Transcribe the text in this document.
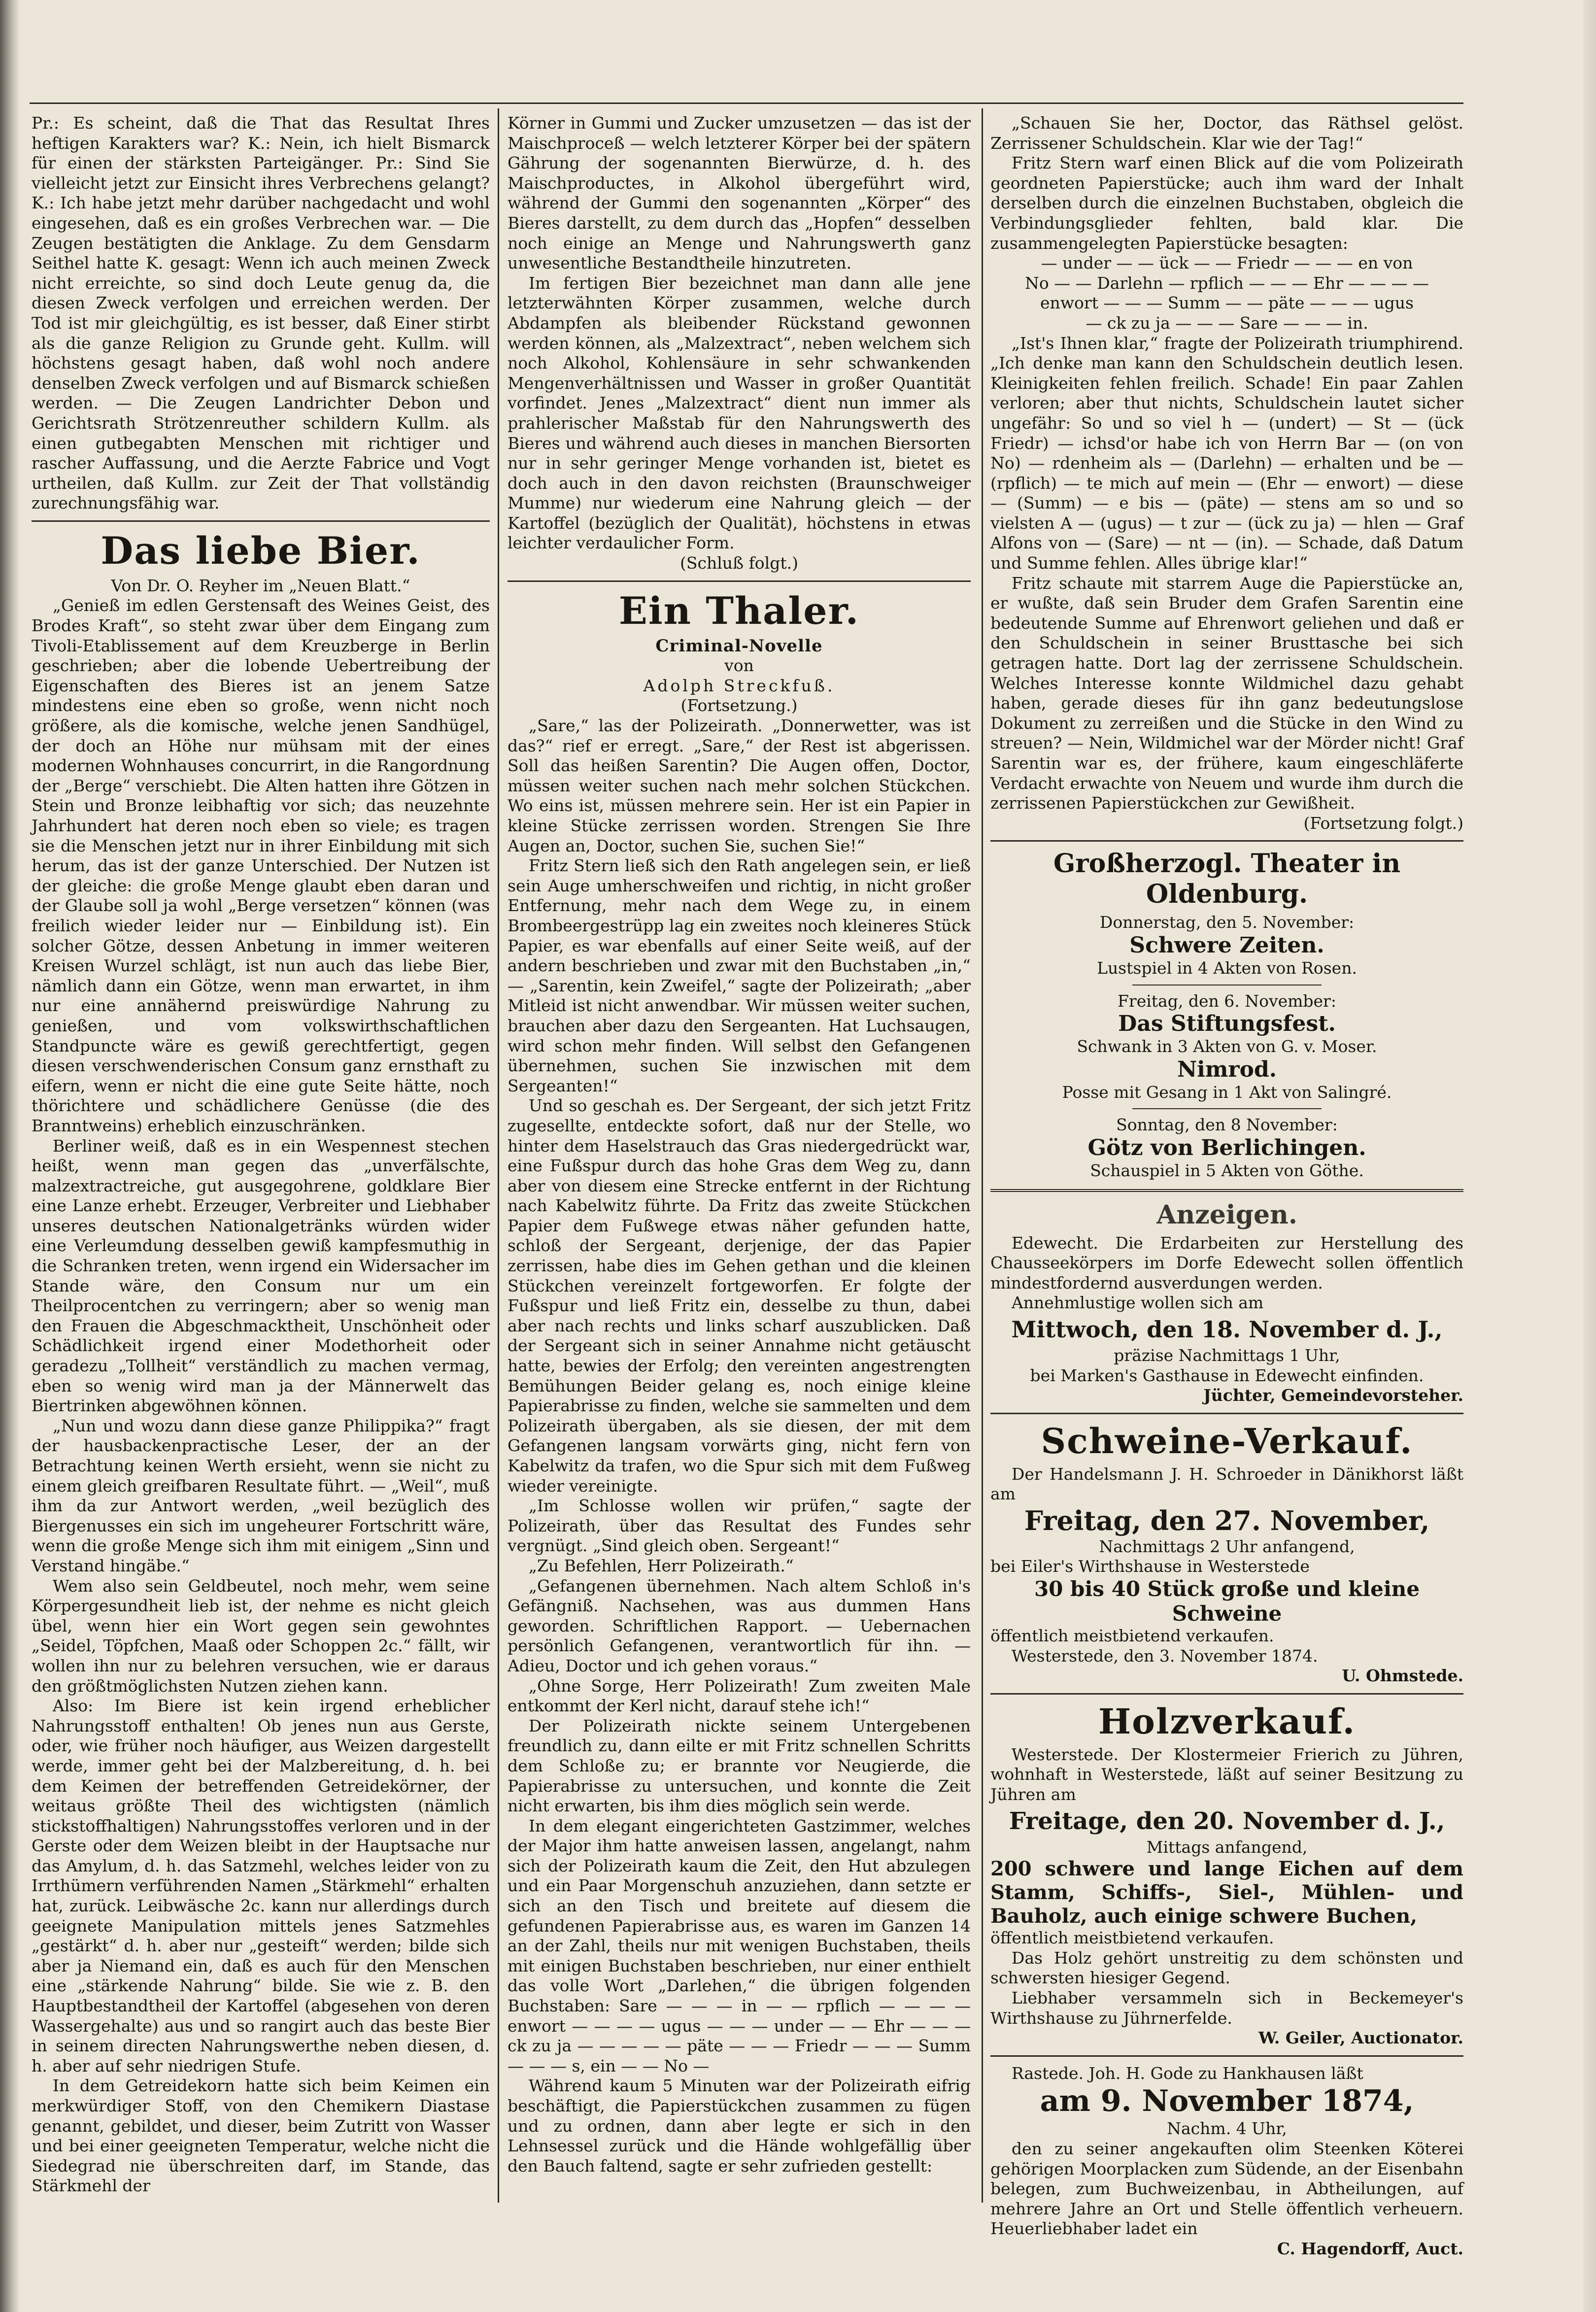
Pr.: Es scheint, daß die That das Resultat Ihres heftigen Karakters war? K.: Nein, ich hielt Bismarck für einen der stärksten Parteigänger. Pr.: Sind Sie vielleicht jetzt zur Einsicht ihres Verbrechens gelangt? K.: Ich habe jetzt mehr darüber nachgedacht und wohl eingesehen, daß es ein großes Verbrechen war. — Die Zeugen bestätigten die Anklage. Zu dem Gensdarm Seithel hatte K. gesagt: Wenn ich auch meinen Zweck nicht erreichte, so sind doch Leute genug da, die diesen Zweck verfolgen und erreichen werden. Der Tod ist mir gleichgültig, es ist besser, daß Einer stirbt als die ganze Religion zu Grunde geht. Kullm. will höchstens gesagt haben, daß wohl noch andere denselben Zweck verfolgen und auf Bismarck schießen werden. — Die Zeugen Landrichter Debon und Gerichtsrath Strötzenreuther schildern Kullm. als einen gutbegabten Menschen mit richtiger und rascher Auffassung, und die Aerzte Fabrice und Vogt urtheilen, daß Kullm. zur Zeit der That vollständig zurechnungsfähig war.

Das liebe Bier.

Von Dr. O. Reyher im „Neuen Blatt.“

„Genieß im edlen Gerstensaft des Weines Geist, des Brodes Kraft“, so steht zwar über dem Eingang zum Tivoli-Etablissement auf dem Kreuzberge in Berlin geschrieben; aber die lobende Uebertreibung der Eigenschaften des Bieres ist an jenem Satze mindestens eine eben so große, wenn nicht noch größere, als die komische, welche jenen Sandhügel, der doch an Höhe nur mühsam mit der eines modernen Wohnhauses concurrirt, in die Rangordnung der „Berge“ verschiebt. Die Alten hatten ihre Götzen in Stein und Bronze leibhaftig vor sich; das neuzehnte Jahrhundert hat deren noch eben so viele; es tragen sie die Menschen jetzt nur in ihrer Einbildung mit sich herum, das ist der ganze Unterschied. Der Nutzen ist der gleiche: die große Menge glaubt eben daran und der Glaube soll ja wohl „Berge versetzen“ können (was freilich wieder leider nur — Einbildung ist). Ein solcher Götze, dessen Anbetung in immer weiteren Kreisen Wurzel schlägt, ist nun auch das liebe Bier, nämlich dann ein Götze, wenn man erwartet, in ihm nur eine annähernd preiswürdige Nahrung zu genießen, und vom volkswirthschaftlichen Standpuncte wäre es gewiß gerechtfertigt, gegen diesen verschwenderischen Consum ganz ernsthaft zu eifern, wenn er nicht die eine gute Seite hätte, noch thörichtere und schädlichere Genüsse (die des Branntweins) erheblich einzuschränken.

Berliner weiß, daß es in ein Wespennest stechen heißt, wenn man gegen das „unverfälschte, malzextractreiche, gut ausgegohrene, goldklare Bier eine Lanze erhebt. Erzeuger, Verbreiter und Liebhaber unseres deutschen Nationalgetränks würden wider eine Verleumdung desselben gewiß kampfesmuthig in die Schranken treten, wenn irgend ein Widersacher im Stande wäre, den Consum nur um ein Theilprocentchen zu verringern; aber so wenig man den Frauen die Abgeschmacktheit, Unschönheit oder Schädlichkeit irgend einer Modethorheit oder geradezu „Tollheit“ verständlich zu machen vermag, eben so wenig wird man ja der Männerwelt das Biertrinken abgewöhnen können.

„Nun und wozu dann diese ganze Philippika?“ fragt der hausbackenpractische Leser, der an der Betrachtung keinen Werth ersieht, wenn sie nicht zu einem gleich greifbaren Resultate führt. — „Weil“, muß ihm da zur Antwort werden, „weil bezüglich des Biergenusses ein sich im ungeheurer Fortschritt wäre, wenn die große Menge sich ihm mit einigem „Sinn und Verstand hingäbe.“

Wem also sein Geldbeutel, noch mehr, wem seine Körpergesundheit lieb ist, der nehme es nicht gleich übel, wenn hier ein Wort gegen sein gewohntes „Seidel, Töpfchen, Maaß oder Schoppen 2c.“ fällt, wir wollen ihn nur zu belehren versuchen, wie er daraus den größtmöglichsten Nutzen ziehen kann.

Also: Im Biere ist kein irgend erheblicher Nahrungsstoff enthalten! Ob jenes nun aus Gerste, oder, wie früher noch häufiger, aus Weizen dargestellt werde, immer geht bei der Malzbereitung, d. h. bei dem Keimen der betreffenden Getreidekörner, der weitaus größte Theil des wichtigsten (nämlich stickstoffhaltigen) Nahrungsstoffes verloren und in der Gerste oder dem Weizen bleibt in der Hauptsache nur das Amylum, d. h. das Satzmehl, welches leider von zu Irrthümern verführenden Namen „Stärkmehl“ erhalten hat, zurück. Leibwäsche 2c. kann nur allerdings durch geeignete Manipulation mittels jenes Satzmehles „gestärkt“ d. h. aber nur „gesteift“ werden; bilde sich aber ja Niemand ein, daß es auch für den Menschen eine „stärkende Nahrung“ bilde. Sie wie z. B. den Hauptbestandtheil der Kartoffel (abgesehen von deren Wassergehalte) aus und so rangirt auch das beste Bier in seinem directen Nahrungswerthe neben diesen, d. h. aber auf sehr niedrigen Stufe.

In dem Getreidekorn hatte sich beim Keimen ein merkwürdiger Stoff, von den Chemikern Diastase genannt, gebildet, und dieser, beim Zutritt von Wasser und bei einer geeigneten Temperatur, welche nicht die Siedegrad nie überschreiten darf, im Stande, das Stärkmehl der

Körner in Gummi und Zucker umzusetzen — das ist der Maischproceß — welch letzterer Körper bei der spätern Gährung der sogenannten Bierwürze, d. h. des Maischproductes, in Alkohol übergeführt wird, während der Gummi den sogenannten „Körper“ des Bieres darstellt, zu dem durch das „Hopfen“ desselben noch einige an Menge und Nahrungswerth ganz unwesentliche Bestandtheile hinzutreten.

Im fertigen Bier bezeichnet man dann alle jene letzterwähnten Körper zusammen, welche durch Abdampfen als bleibender Rückstand gewonnen werden können, als „Malzextract“, neben welchem sich noch Alkohol, Kohlensäure in sehr schwankenden Mengenverhältnissen und Wasser in großer Quantität vorfindet. Jenes „Malzextract“ dient nun immer als prahlerischer Maßstab für den Nahrungswerth des Bieres und während auch dieses in manchen Biersorten nur in sehr geringer Menge vorhanden ist, bietet es doch auch in den davon reichsten (Braunschweiger Mumme) nur wiederum eine Nahrung gleich — der Kartoffel (bezüglich der Qualität), höchstens in etwas leichter verdaulicher Form.

(Schluß folgt.)

Ein Thaler.

Criminal-Novelle

von

Adolph Streckfuß.

(Fortsetzung.)

„Sare,“ las der Polizeirath. „Donnerwetter, was ist das?“ rief er erregt. „Sare,“ der Rest ist abgerissen. Soll das heißen Sarentin? Die Augen offen, Doctor, müssen weiter suchen nach mehr solchen Stückchen. Wo eins ist, müssen mehrere sein. Her ist ein Papier in kleine Stücke zerrissen worden. Strengen Sie Ihre Augen an, Doctor, suchen Sie, suchen Sie!“

Fritz Stern ließ sich den Rath angelegen sein, er ließ sein Auge umherschweifen und richtig, in nicht großer Entfernung, mehr nach dem Wege zu, in einem Brombeergestrüpp lag ein zweites noch kleineres Stück Papier, es war ebenfalls auf einer Seite weiß, auf der andern beschrieben und zwar mit den Buchstaben „in,“ — „Sarentin, kein Zweifel,“ sagte der Polizeirath; „aber Mitleid ist nicht anwendbar. Wir müssen weiter suchen, brauchen aber dazu den Sergeanten. Hat Luchsaugen, wird schon mehr finden. Will selbst den Gefangenen übernehmen, suchen Sie inzwischen mit dem Sergeanten!“

Und so geschah es. Der Sergeant, der sich jetzt Fritz zugesellte, entdeckte sofort, daß nur der Stelle, wo hinter dem Haselstrauch das Gras niedergedrückt war, eine Fußspur durch das hohe Gras dem Weg zu, dann aber von diesem eine Strecke entfernt in der Richtung nach Kabelwitz führte. Da Fritz das zweite Stückchen Papier dem Fußwege etwas näher gefunden hatte, schloß der Sergeant, derjenige, der das Papier zerrissen, habe dies im Gehen gethan und die kleinen Stückchen vereinzelt fortgeworfen. Er folgte der Fußspur und ließ Fritz ein, desselbe zu thun, dabei aber nach rechts und links scharf auszublicken. Daß der Sergeant sich in seiner Annahme nicht getäuscht hatte, bewies der Erfolg; den vereinten angestrengten Bemühungen Beider gelang es, noch einige kleine Papierabrisse zu finden, welche sie sammelten und dem Polizeirath übergaben, als sie diesen, der mit dem Gefangenen langsam vorwärts ging, nicht fern von Kabelwitz da trafen, wo die Spur sich mit dem Fußweg wieder vereinigte.

„Im Schlosse wollen wir prüfen,“ sagte der Polizeirath, über das Resultat des Fundes sehr vergnügt. „Sind gleich oben. Sergeant!“

„Zu Befehlen, Herr Polizeirath.“

„Gefangenen übernehmen. Nach altem Schloß in's Gefängniß. Nachsehen, was aus dummen Hans geworden. Schriftlichen Rapport. — Uebernachen persönlich Gefangenen, verantwortlich für ihn. — Adieu, Doctor und ich gehen voraus.“

„Ohne Sorge, Herr Polizeirath! Zum zweiten Male entkommt der Kerl nicht, darauf stehe ich!“

Der Polizeirath nickte seinem Untergebenen freundlich zu, dann eilte er mit Fritz schnellen Schritts dem Schloße zu; er brannte vor Neugierde, die Papierabrisse zu untersuchen, und konnte die Zeit nicht erwarten, bis ihm dies möglich sein werde.

In dem elegant eingerichteten Gastzimmer, welches der Major ihm hatte anweisen lassen, angelangt, nahm sich der Polizeirath kaum die Zeit, den Hut abzulegen und ein Paar Morgenschuh anzuziehen, dann setzte er sich an den Tisch und breitete auf diesem die gefundenen Papierabrisse aus, es waren im Ganzen 14 an der Zahl, theils nur mit wenigen Buchstaben, theils mit einigen Buchstaben beschrieben, nur einer enthielt das volle Wort „Darlehen,“ die übrigen folgenden Buchstaben: Sare — — — in — — rpflich — — — — enwort — — — — ugus — — — under — — Ehr — — — ck zu ja — — — — — päte — — — Friedr — — — Summ — — — s, ein — — No —

Während kaum 5 Minuten war der Polizeirath eifrig beschäftigt, die Papierstückchen zusammen zu fügen und zu ordnen, dann aber legte er sich in den Lehnsessel zurück und die Hände wohlgefällig über den Bauch faltend, sagte er sehr zufrieden gestellt:

„Schauen Sie her, Doctor, das Räthsel gelöst. Zerrissener Schuldschein. Klar wie der Tag!“

Fritz Stern warf einen Blick auf die vom Polizeirath geordneten Papierstücke; auch ihm ward der Inhalt derselben durch die einzelnen Buchstaben, obgleich die Verbindungsglieder fehlten, bald klar. Die zusammengelegten Papierstücke besagten:

— under — — ück — — Friedr — — — en von

No — — Darlehn — rpflich — — — Ehr — — — —

enwort — — — Summ — — päte — — — ugus

— ck zu ja — — — Sare — — — in.

„Ist's Ihnen klar,“ fragte der Polizeirath triumphirend. „Ich denke man kann den Schuldschein deutlich lesen. Kleinigkeiten fehlen freilich. Schade! Ein paar Zahlen verloren; aber thut nichts, Schuldschein lautet sicher ungefähr: So und so viel h — (undert) — St — (ück Friedr) — ichsd'or habe ich von Herrn Bar — (on von No) — rdenheim als — (Darlehn) — erhalten und be — (rpflich) — te mich auf mein — (Ehr — enwort) — diese — (Summ) — e bis — (päte) — stens am so und so vielsten A — (ugus) — t zur — (ück zu ja) — hlen — Graf Alfons von — (Sare) — nt — (in). — Schade, daß Datum und Summe fehlen. Alles übrige klar!“

Fritz schaute mit starrem Auge die Papierstücke an, er wußte, daß sein Bruder dem Grafen Sarentin eine bedeutende Summe auf Ehrenwort geliehen und daß er den Schuldschein in seiner Brusttasche bei sich getragen hatte. Dort lag der zerrissene Schuldschein. Welches Interesse konnte Wildmichel dazu gehabt haben, gerade dieses für ihn ganz bedeutungslose Dokument zu zerreißen und die Stücke in den Wind zu streuen? — Nein, Wildmichel war der Mörder nicht! Graf Sarentin war es, der frühere, kaum eingeschläferte Verdacht erwachte von Neuem und wurde ihm durch die zerrissenen Papierstückchen zur Gewißheit.

(Fortsetzung folgt.)

Großherzogl. Theater in Oldenburg.

Donnerstag, den 5. November:

Schwere Zeiten.

Lustspiel in 4 Akten von Rosen.

Freitag, den 6. November:

Das Stiftungsfest.

Schwank in 3 Akten von G. v. Moser.

Nimrod.

Posse mit Gesang in 1 Akt von Salingré.

Sonntag, den 8 November:

Götz von Berlichingen.

Schauspiel in 5 Akten von Göthe.

Anzeigen.

Edewecht. Die Erdarbeiten zur Herstellung des Chausseekörpers im Dorfe Edewecht sollen öffentlich mindestfordernd ausverdungen werden.

Annehmlustige wollen sich am

Mittwoch, den 18. November d. J.,

präzise Nachmittags 1 Uhr,

bei Marken's Gasthause in Edewecht einfinden.

Jüchter, Gemeindevorsteher.

Schweine-Verkauf.

Der Handelsmann J. H. Schroeder in Dänikhorst läßt am

Freitag, den 27. November,

Nachmittags 2 Uhr anfangend,

bei Eiler's Wirthshause in Westerstede

30 bis 40 Stück große und kleine Schweine

öffentlich meistbietend verkaufen.

Westerstede, den 3. November 1874.

U. Ohmstede.

Holzverkauf.

Westerstede. Der Klostermeier Frierich zu Jühren, wohnhaft in Westerstede, läßt auf seiner Besitzung zu Jühren am

Freitage, den 20. November d. J.,

Mittags anfangend,

200 schwere und lange Eichen auf dem Stamm, Schiffs-, Siel-, Mühlen- und Bauholz, auch einige schwere Buchen,

öffentlich meistbietend verkaufen.

Das Holz gehört unstreitig zu dem schönsten und schwersten hiesiger Gegend.

Liebhaber versammeln sich in Beckemeyer's Wirthshause zu Jührnerfelde.

W. Geiler, Auctionator.

Rastede. Joh. H. Gode zu Hankhausen läßt

am 9. November 1874,

Nachm. 4 Uhr,

den zu seiner angekauften olim Steenken Köterei gehörigen Moorplacken zum Südende, an der Eisenbahn belegen, zum Buchweizenbau, in Abtheilungen, auf mehrere Jahre an Ort und Stelle öffentlich verheuern. Heuerliebhaber ladet ein

C. Hagendorff, Auct.
